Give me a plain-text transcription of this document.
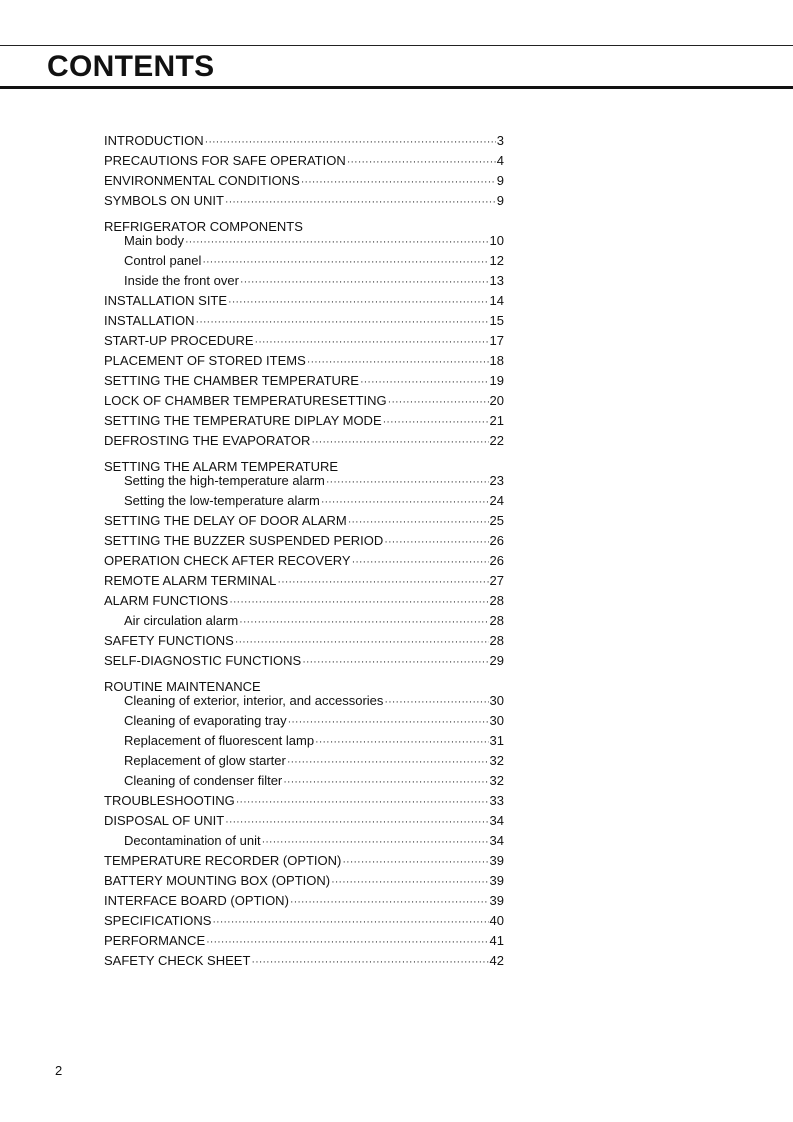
CONTENTS
INTRODUCTION ·····	3
PRECAUTIONS FOR SAFE OPERATION ·····	4
ENVIRONMENTAL CONDITIONS ·····	9
SYMBOLS ON UNIT ·····	9
REFRIGERATOR COMPONENTS
Main body ·····	10
Control panel ·····	12
Inside the front over ·····	13
INSTALLATION SITE ·····	14
INSTALLATION ·····	15
START-UP PROCEDURE ·····	17
PLACEMENT OF STORED ITEMS ·····	18
SETTING THE CHAMBER TEMPERATURE ·····	19
LOCK OF CHAMBER TEMPERATURESETTING ·····	20
SETTING THE TEMPERATURE DIPLAY MODE ·····	21
DEFROSTING THE EVAPORATOR ·····	22
SETTING THE ALARM TEMPERATURE
Setting the high-temperature alarm ·····	23
Setting the low-temperature alarm ·····	24
SETTING THE DELAY OF DOOR ALARM ·····	25
SETTING THE BUZZER SUSPENDED PERIOD ·····	26
OPERATION CHECK AFTER RECOVERY ·····	26
REMOTE ALARM TERMINAL ·····	27
ALARM FUNCTIONS ·····	28
Air circulation alarm ·····	28
SAFETY FUNCTIONS ·····	28
SELF-DIAGNOSTIC FUNCTIONS ·····	29
ROUTINE MAINTENANCE
Cleaning of exterior, interior, and accessories ·····	30
Cleaning of evaporating tray ·····	30
Replacement of fluorescent lamp ·····	31
Replacement of glow starter ·····	32
Cleaning of condenser filter ·····	32
TROUBLESHOOTING ·····	33
DISPOSAL OF UNIT ·····	34
Decontamination of unit ·····	34
TEMPERATURE RECORDER (OPTION) ·····	39
BATTERY MOUNTING BOX (OPTION) ·····	39
INTERFACE BOARD (OPTION) ·····	39
SPECIFICATIONS ·····	40
PERFORMANCE ·····	41
SAFETY CHECK SHEET ·····	42
2
